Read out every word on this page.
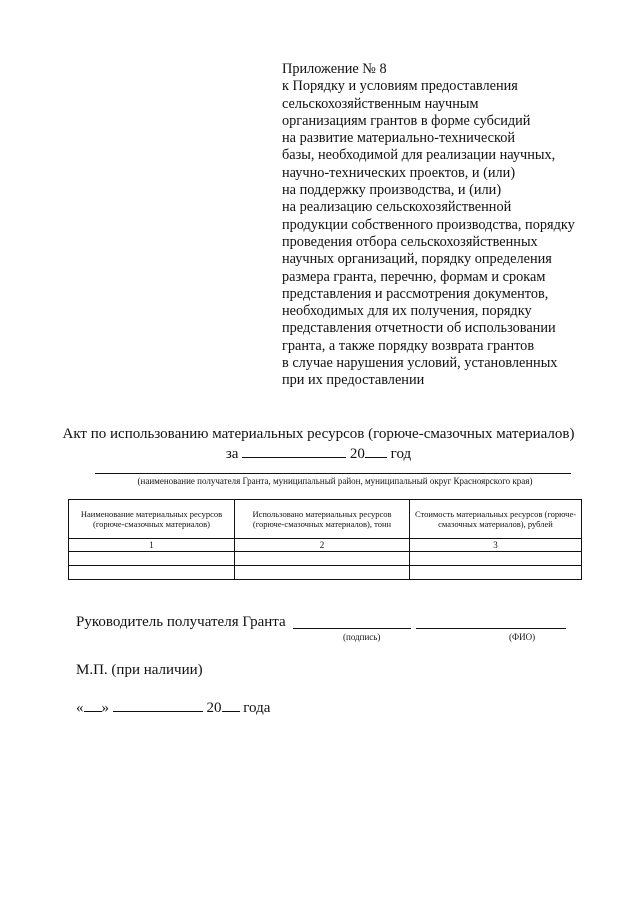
Приложение № 8
к Порядку и условиям предоставления
сельскохозяйственным научным
организациям грантов в форме субсидий
на развитие материально-технической
базы, необходимой для реализации научных,
научно-технических проектов, и (или)
на поддержку производства, и (или)
на реализацию сельскохозяйственной
продукции собственного производства, порядку
проведения отбора сельскохозяйственных
научных организаций, порядку определения
размера гранта, перечню, формам и срокам
представления и рассмотрения документов,
необходимых для их получения, порядку
представления отчетности об использовании
гранта, а также порядку возврата грантов
в случае нарушения условий, установленных
при их предоставлении
Акт по использованию материальных ресурсов (горюче-смазочных материалов)
за	20 год
(наименование получателя Гранта, муниципальный район, муниципальный округ Красноярского края)
Наименование материальных ресурсов (горюче-смазочных материалов)	Использовано материальных ресурсов (горюче-смазочных материалов), тонн	Стоимость материальных ресурсов (горюче-смазочных материалов), рублей
1	2	3

Руководитель получателя Гранта
(подпись)	(ФИО)
М.П. (при наличии)
« »	20 года
